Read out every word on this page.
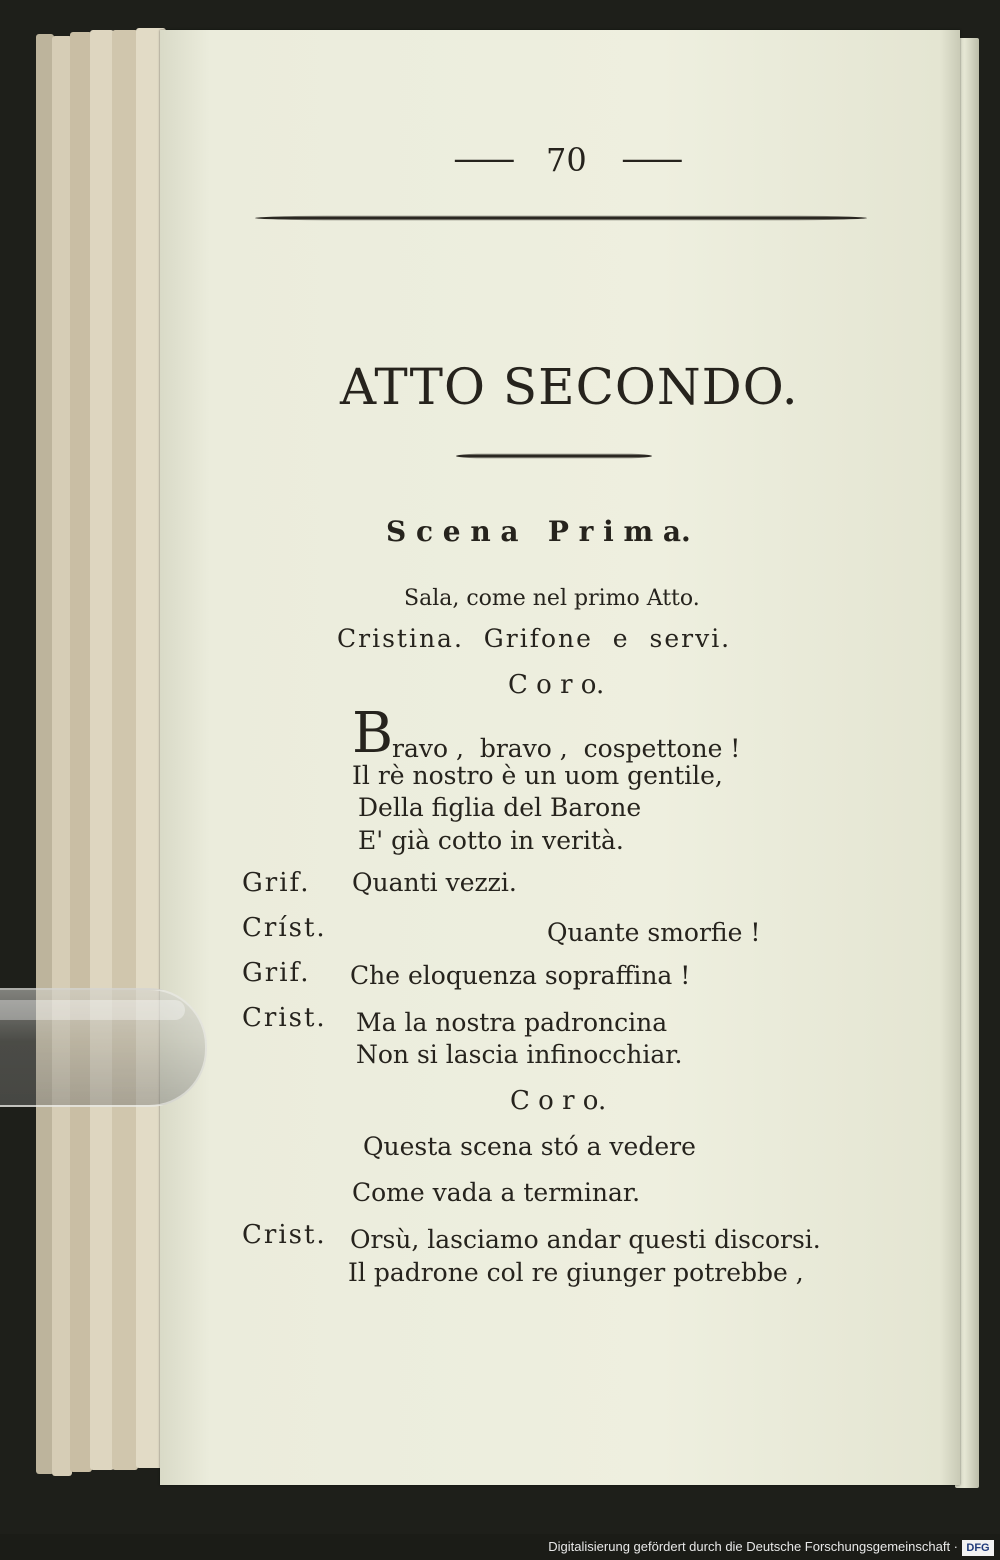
— 70 —
ATTO SECONDO.
S c e n a   P r i m a.
Sala, come nel primo Atto.
Cristina.  Grifone  e  servi.
C o r o.
B
ravo ,  bravo ,  cospettone !
Il rè nostro è un uom gentile,
Della figlia del Barone
E' già cotto in verità.
Grif. Quanti vezzi.
Críst.	Quante smorfie !
Grif. Che eloquenza sopraffina !
Crist. Ma la nostra padroncina
Non si lascia infinocchiar.
C o r o.
Questa scena stó a vedere
Come vada a terminar.
Crist. Orsù, lasciamo andar questi discorsi.
Il padrone col re giunger potrebbe ,
Digitalisierung gefördert durch die Deutsche Forschungsgemeinschaft · DFG
